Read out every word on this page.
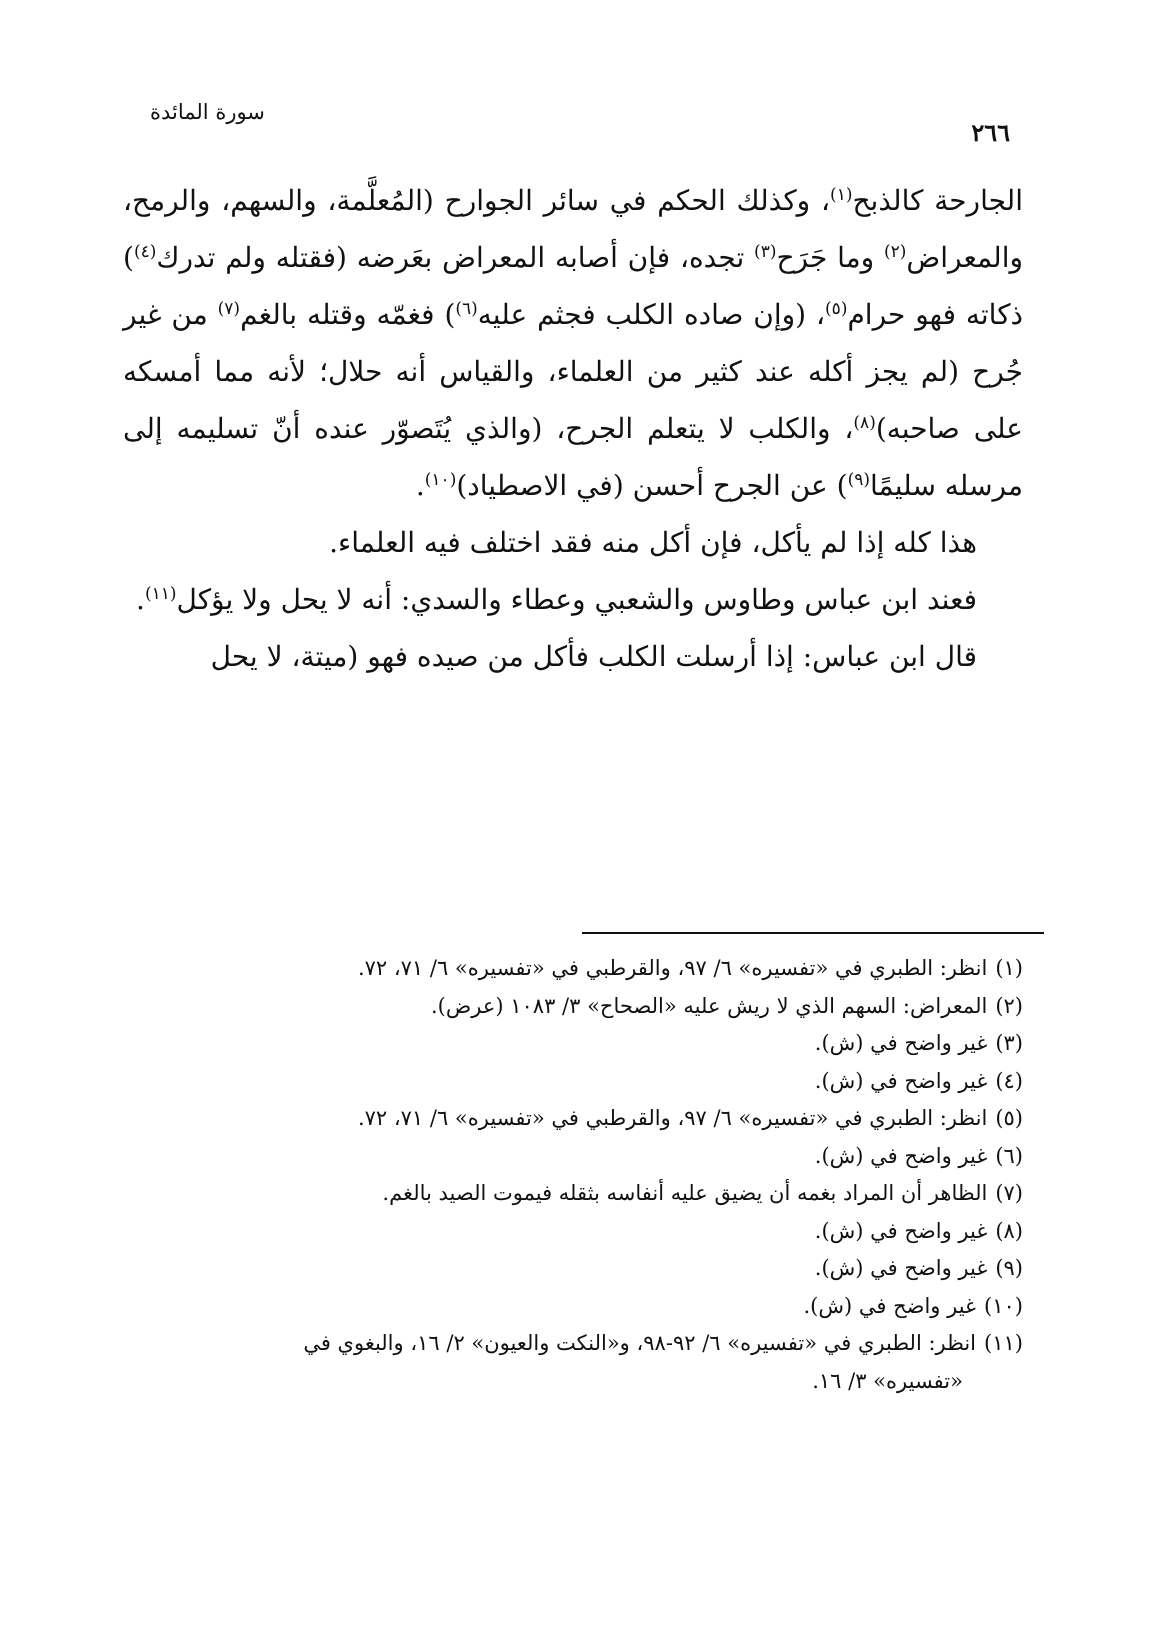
سورة المائدة
٢٦٦

الجارحة كالذبح$^{(١)}$، وكذلك الحكم في سائر الجوارح (المُعلَّمة، والسهم، والرمح، والمعراض$^{(٢)}$ وما جَرَح$^{(٣)}$ تجده، فإن أصابه المعراض بعَرضه (فقتله ولم تدرك$^{(٤)}$) ذكاته فهو حرام$^{(٥)}$، (وإن صاده الكلب فجثم عليه$^{(٦)}$) فغمّه وقتله بالغم$^{(٧)}$ من غير جُرح (لم يجز أكله عند كثير من العلماء، والقياس أنه حلال؛ لأنه مما أمسكه على صاحبه)$^{(٨)}$، والكلب لا يتعلم الجرح، (والذي يُتَصوّر عنده أنّ تسليمه إلى مرسله سليمًا$^{(٩)}$) عن الجرح أحسن (في الاصطياد)$^{(١٠)}$.

هذا كله إذا لم يأكل، فإن أكل منه فقد اختلف فيه العلماء.

فعند ابن عباس وطاوس والشعبي وعطاء والسدي: أنه لا يحل ولا يؤكل$^{(١١)}$.

قال ابن عباس: إذا أرسلت الكلب فأكل من صيده فهو (ميتة، لا يحل

(١)انظر: الطبري في «تفسيره» ٦/ ٩٧، والقرطبي في «تفسيره» ٦/ ٧١، ٧٢.

(٢)المعراض: السهم الذي لا ريش عليه «الصحاح» ٣/ ١٠٨٣ (عرض).

(٣)غير واضح في (ش).

(٤)غير واضح في (ش).

(٥)انظر: الطبري في «تفسيره» ٦/ ٩٧، والقرطبي في «تفسيره» ٦/ ٧١، ٧٢.

(٦)غير واضح في (ش).

(٧)الظاهر أن المراد بغمه أن يضيق عليه أنفاسه بثقله فيموت الصيد بالغم.

(٨)غير واضح في (ش).

(٩)غير واضح في (ش).

(١٠)غير واضح في (ش).

(١١)انظر: الطبري في «تفسيره» ٦/ ٩٢-٩٨، و«النكت والعيون» ٢/ ١٦، والبغوي في

«تفسيره» ٣/ ١٦.
